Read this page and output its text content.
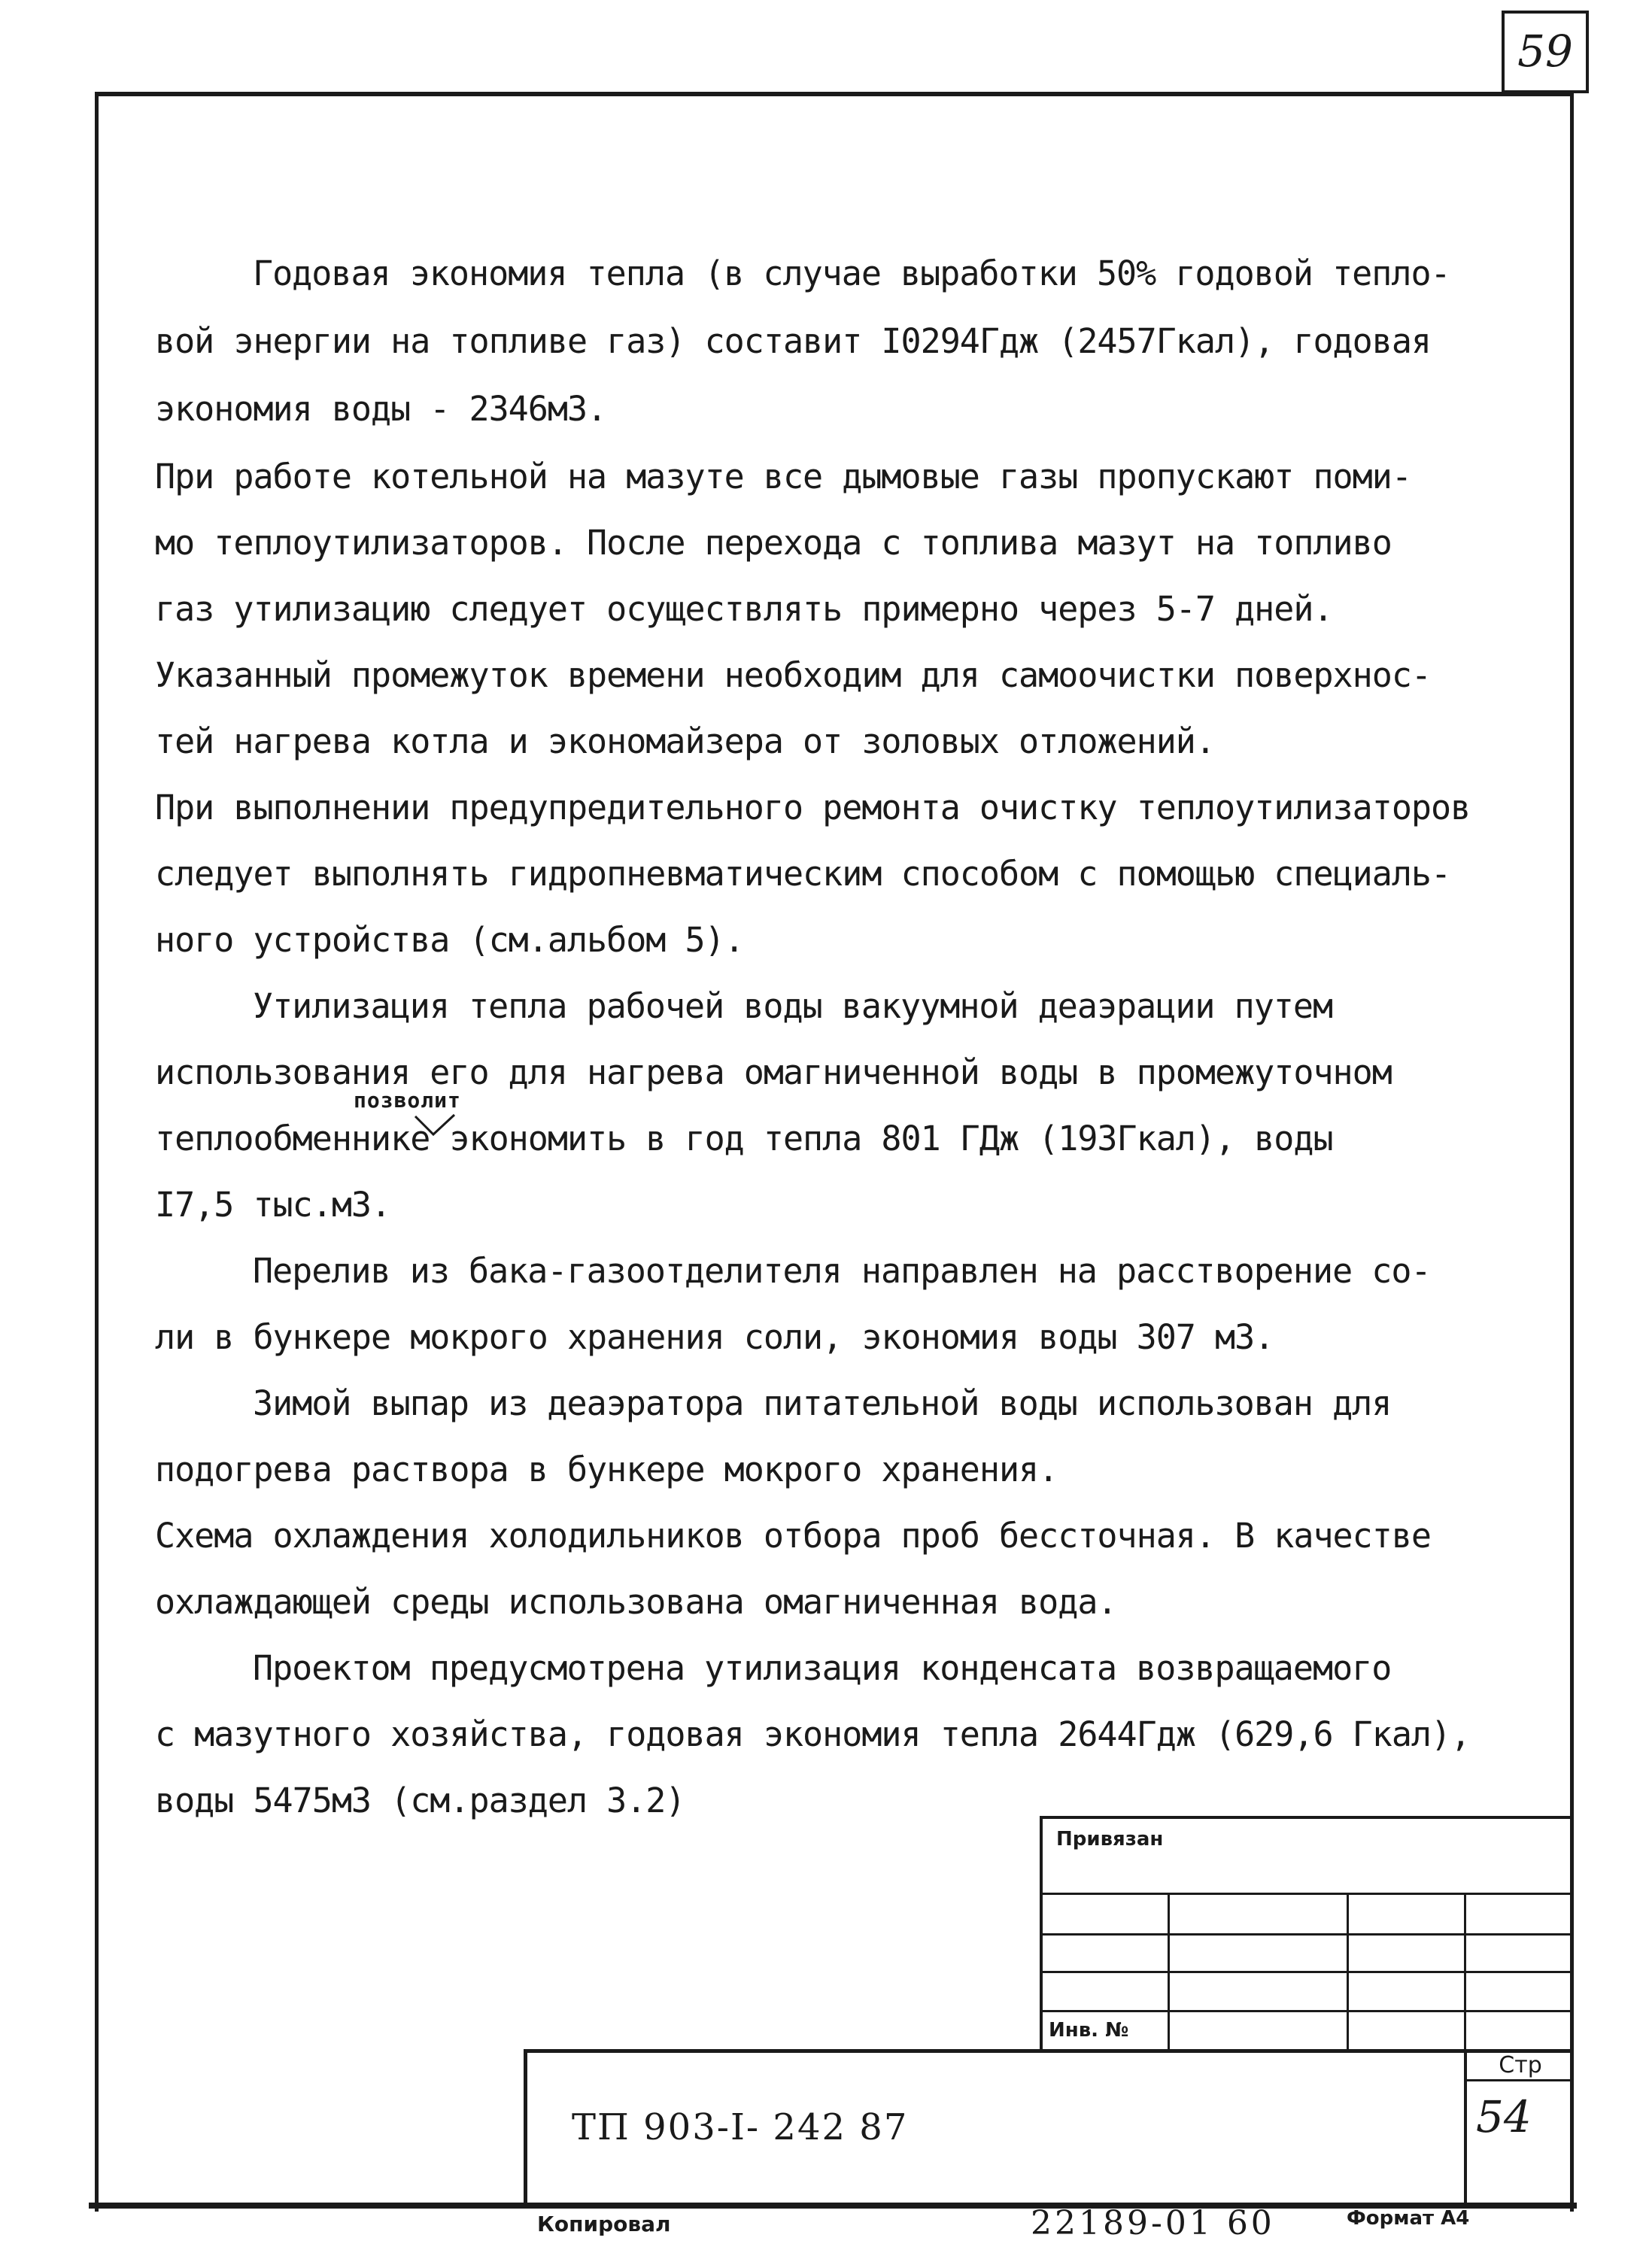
59
Годовая экономия тепла (в случае выработки 50% годовой тепло-
вой энергии на топливе газ) составит I0294Гдж (2457Гкал), годовая
экономия воды - 2346м3.
При работе котельной на мазуте все дымовые газы пропускают поми-
мо теплоутилизаторов. После перехода с топлива мазут на топливо
газ утилизацию следует осуществлять примерно через 5-7 дней.
Указанный промежуток времени необходим для самоочистки поверхнос-
тей нагрева котла и экономайзера от золовых отложений.
При выполнении предупредительного ремонта очистку теплоутилизаторов
следует выполнять гидропневматическим способом с помощью специаль-
ного устройства (см.альбом 5).
Утилизация тепла рабочей воды вакуумной деаэрации путем
использования его для нагрева омагниченной воды в промежуточном
теплообменнике экономить в год тепла 801 ГДж (193Гкал), воды
I7,5 тыс.м3.
Перелив из бака-газоотделителя направлен на расстворение со-
ли в бункере мокрого хранения соли, экономия воды 307 м3.
Зимой выпар из деаэратора питательной воды использован для
подогрева раствора в бункере мокрого хранения.
Схема охлаждения холодильников отбора проб бессточная. В качестве
охлаждающей среды использована омагниченная вода.
Проектом предусмотрена утилизация конденсата возвращаемого
с мазутного хозяйства, годовая экономия тепла 2644Гдж (629,6 Гкал),
воды 5475м3 (см.раздел 3.2)
позволит
Привязан
Инв. №
Стр
54
ТП 903-I- 242 87
Копировал	22189-01 60	Формат А4
